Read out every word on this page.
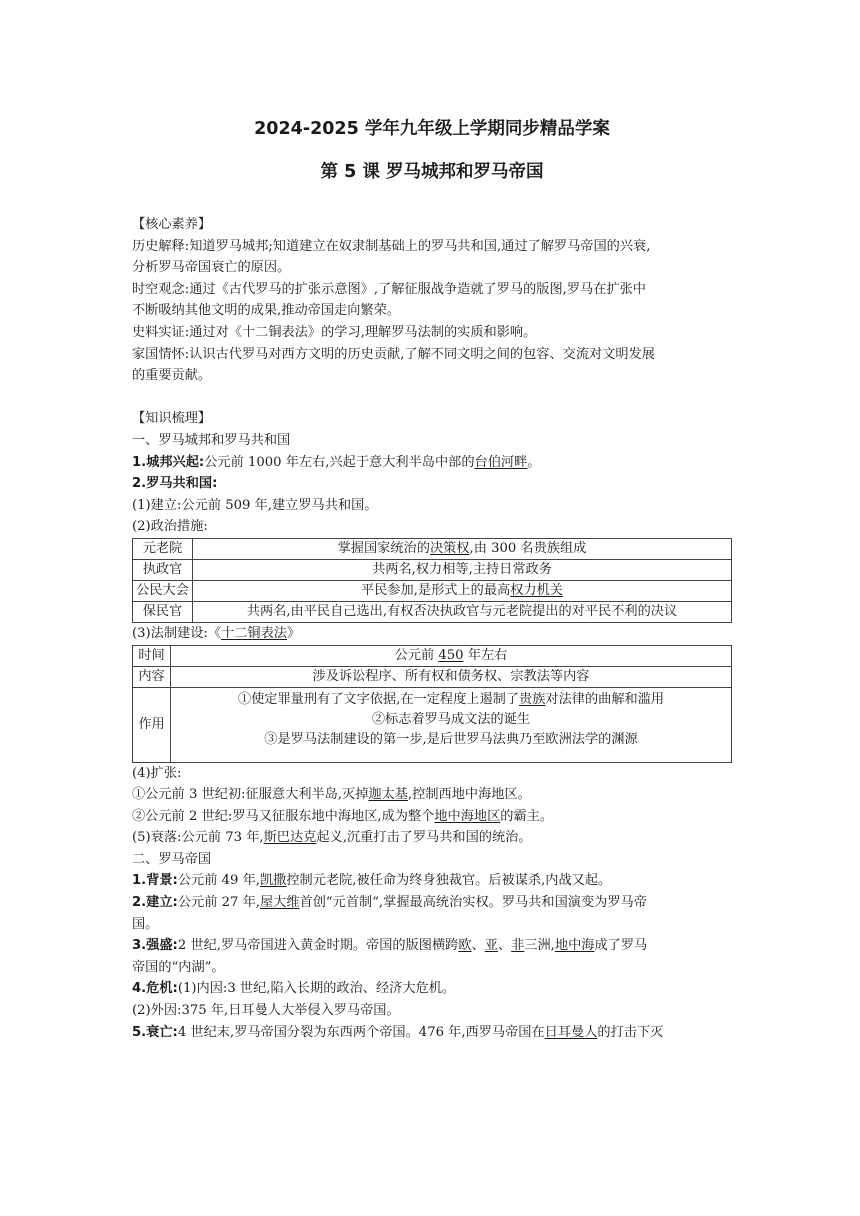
2024-2025 学年九年级上学期同步精品学案
第 5 课 罗马城邦和罗马帝国

【核心素养】

历史解释:知道罗马城邦;知道建立在奴隶制基础上的罗马共和国,通过了解罗马帝国的兴衰,

分析罗马帝国衰亡的原因。

时空观念:通过《古代罗马的扩张示意图》,了解征服战争造就了罗马的版图,罗马在扩张中

不断吸纳其他文明的成果,推动帝国走向繁荣。

史料实证:通过对《十二铜表法》的学习,理解罗马法制的实质和影响。

家国情怀:认识古代罗马对西方文明的历史贡献,了解不同文明之间的包容、交流对文明发展

的重要贡献。

【知识梳理】

一、罗马城邦和罗马共和国

1.城邦兴起:公元前 1000 年左右,兴起于意大利半岛中部的台伯河畔。

2.罗马共和国:

(1)建立:公元前 509 年,建立罗马共和国。

(2)政治措施:

元老院	掌握国家统治的决策权,由 300 名贵族组成
执政官	共两名,权力相等,主持日常政务
公民大会	平民参加,是形式上的最高权力机关
保民官	共两名,由平民自己选出,有权否决执政官与元老院提出的对平民不利的决议

(3)法制建设:《十二铜表法》

时间	公元前 450 年左右
内容	涉及诉讼程序、所有权和债务权、宗教法等内容
作用	①使定罪量刑有了文字依据,在一定程度上遏制了贵族对法律的曲解和滥用
②标志着罗马成文法的诞生
③是罗马法制建设的第一步,是后世罗马法典乃至欧洲法学的渊源

(4)扩张:

①公元前 3 世纪初:征服意大利半岛,灭掉迦太基,控制西地中海地区。

②公元前 2 世纪:罗马又征服东地中海地区,成为整个地中海地区的霸主。

(5)衰落:公元前 73 年,斯巴达克起义,沉重打击了罗马共和国的统治。

二、罗马帝国

1.背景:公元前 49 年,凯撒控制元老院,被任命为终身独裁官。后被谋杀,内战又起。

2.建立:公元前 27 年,屋大维首创“元首制”,掌握最高统治实权。罗马共和国演变为罗马帝

国。

3.强盛:2 世纪,罗马帝国进入黄金时期。帝国的版图横跨欧、亚、非三洲,地中海成了罗马

帝国的“内湖”。

4.危机:(1)内因:3 世纪,陷入长期的政治、经济大危机。

(2)外因:375 年,日耳曼人大举侵入罗马帝国。

5.衰亡:4 世纪末,罗马帝国分裂为东西两个帝国。476 年,西罗马帝国在日耳曼人的打击下灭
